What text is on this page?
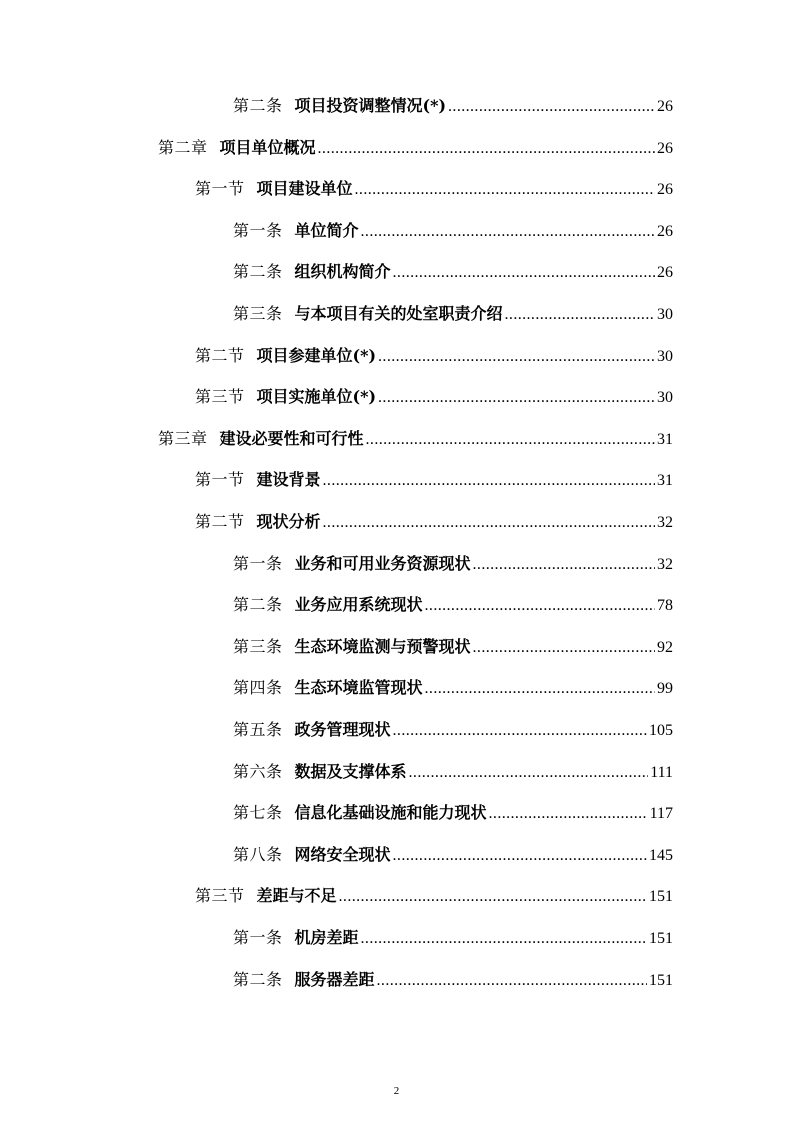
第二条 项目投资调整情况(*) .....	26
第二章 项目单位概况 .....	26
第一节 项目建设单位 .....	26
第一条 单位简介 .....	26
第二条 组织机构简介 .....	26
第三条 与本项目有关的处室职责介绍 .....	30
第二节 项目参建单位(*) .....	30
第三节 项目实施单位(*) .....	30
第三章 建设必要性和可行性 .....	31
第一节 建设背景 .....	31
第二节 现状分析 .....	32
第一条 业务和可用业务资源现状 .....	32
第二条 业务应用系统现状 .....	78
第三条 生态环境监测与预警现状 .....	92
第四条 生态环境监管现状 .....	99
第五条 政务管理现状 .....	105
第六条 数据及支撑体系 .....	111
第七条 信息化基础设施和能力现状 .....	117
第八条 网络安全现状 .....	145
第三节 差距与不足 .....	151
第一条 机房差距 .....	151
第二条 服务器差距 .....	151
2
